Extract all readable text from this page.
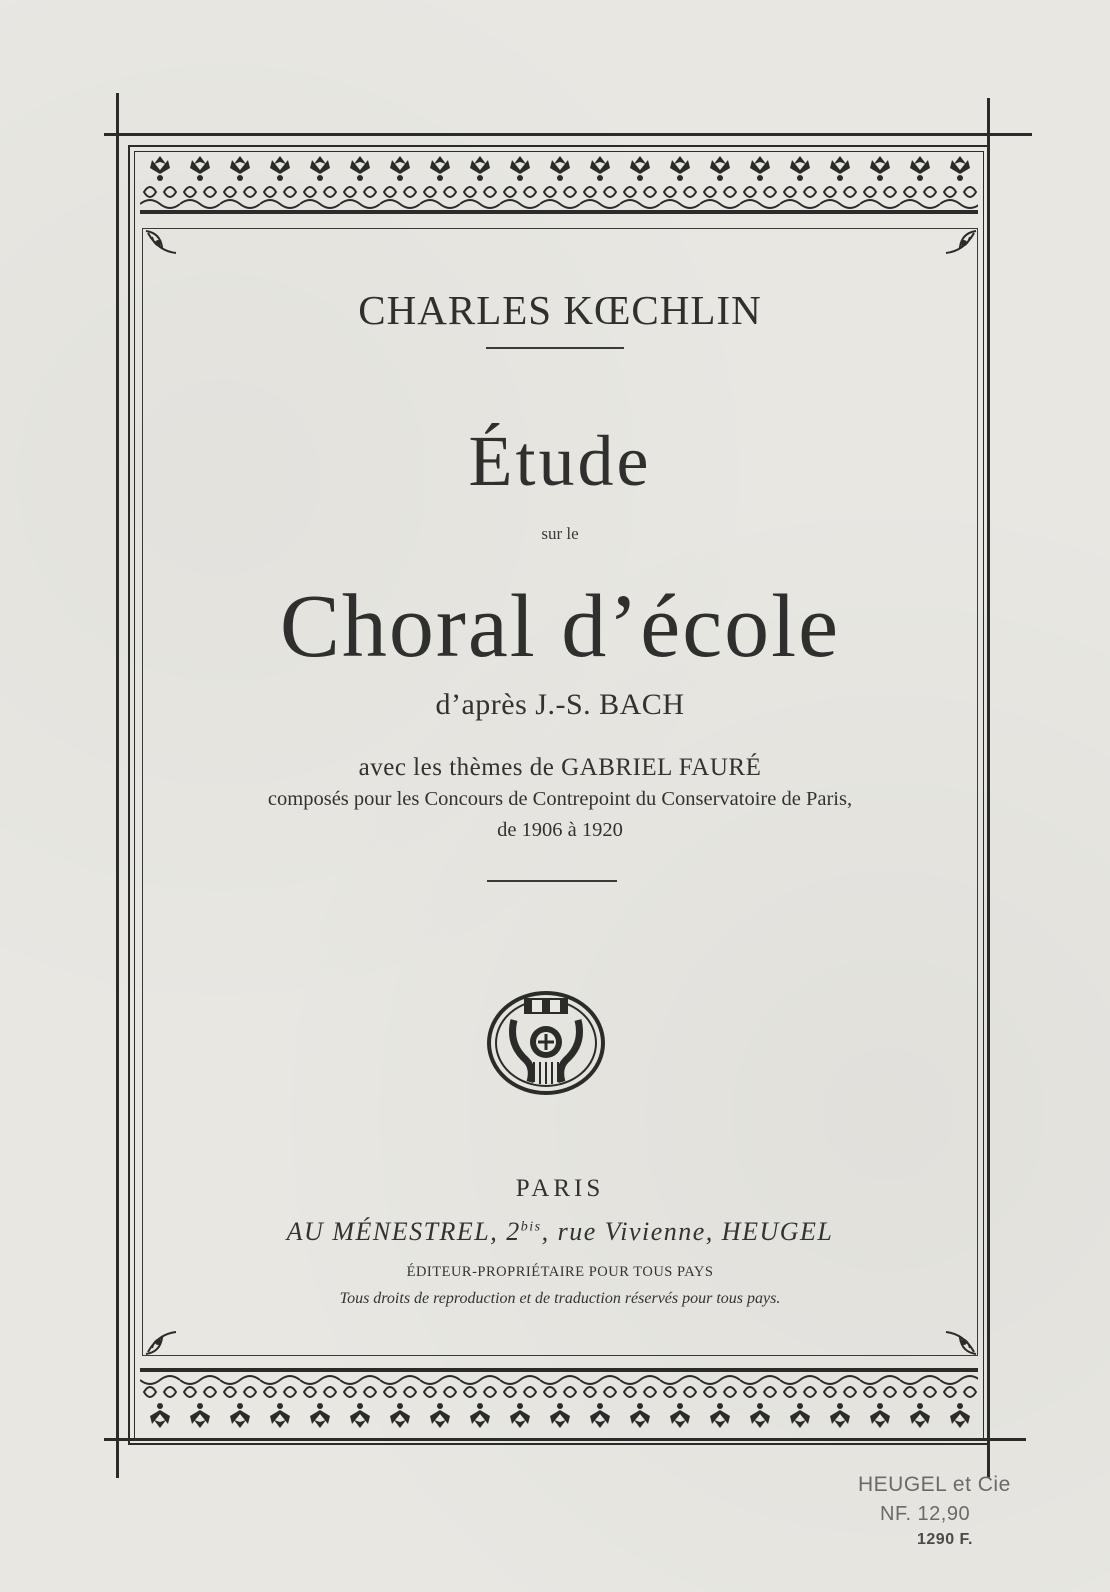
CHARLES KŒCHLIN
Étude
sur le
Choral d’école
d’après J.-S. BACH
avec les thèmes de GABRIEL FAURÉ
composés pour les Concours de Contrepoint du Conservatoire de Paris,
de 1906 à 1920
PARIS
AU MÉNESTREL, $2^{bis}$, rue Vivienne, HEUGEL
ÉDITEUR-PROPRIÉTAIRE POUR TOUS PAYS
Tous droits de reproduction et de traduction réservés pour tous pays.
HEUGEL et Cie
NF. 12,90
1290 F.
